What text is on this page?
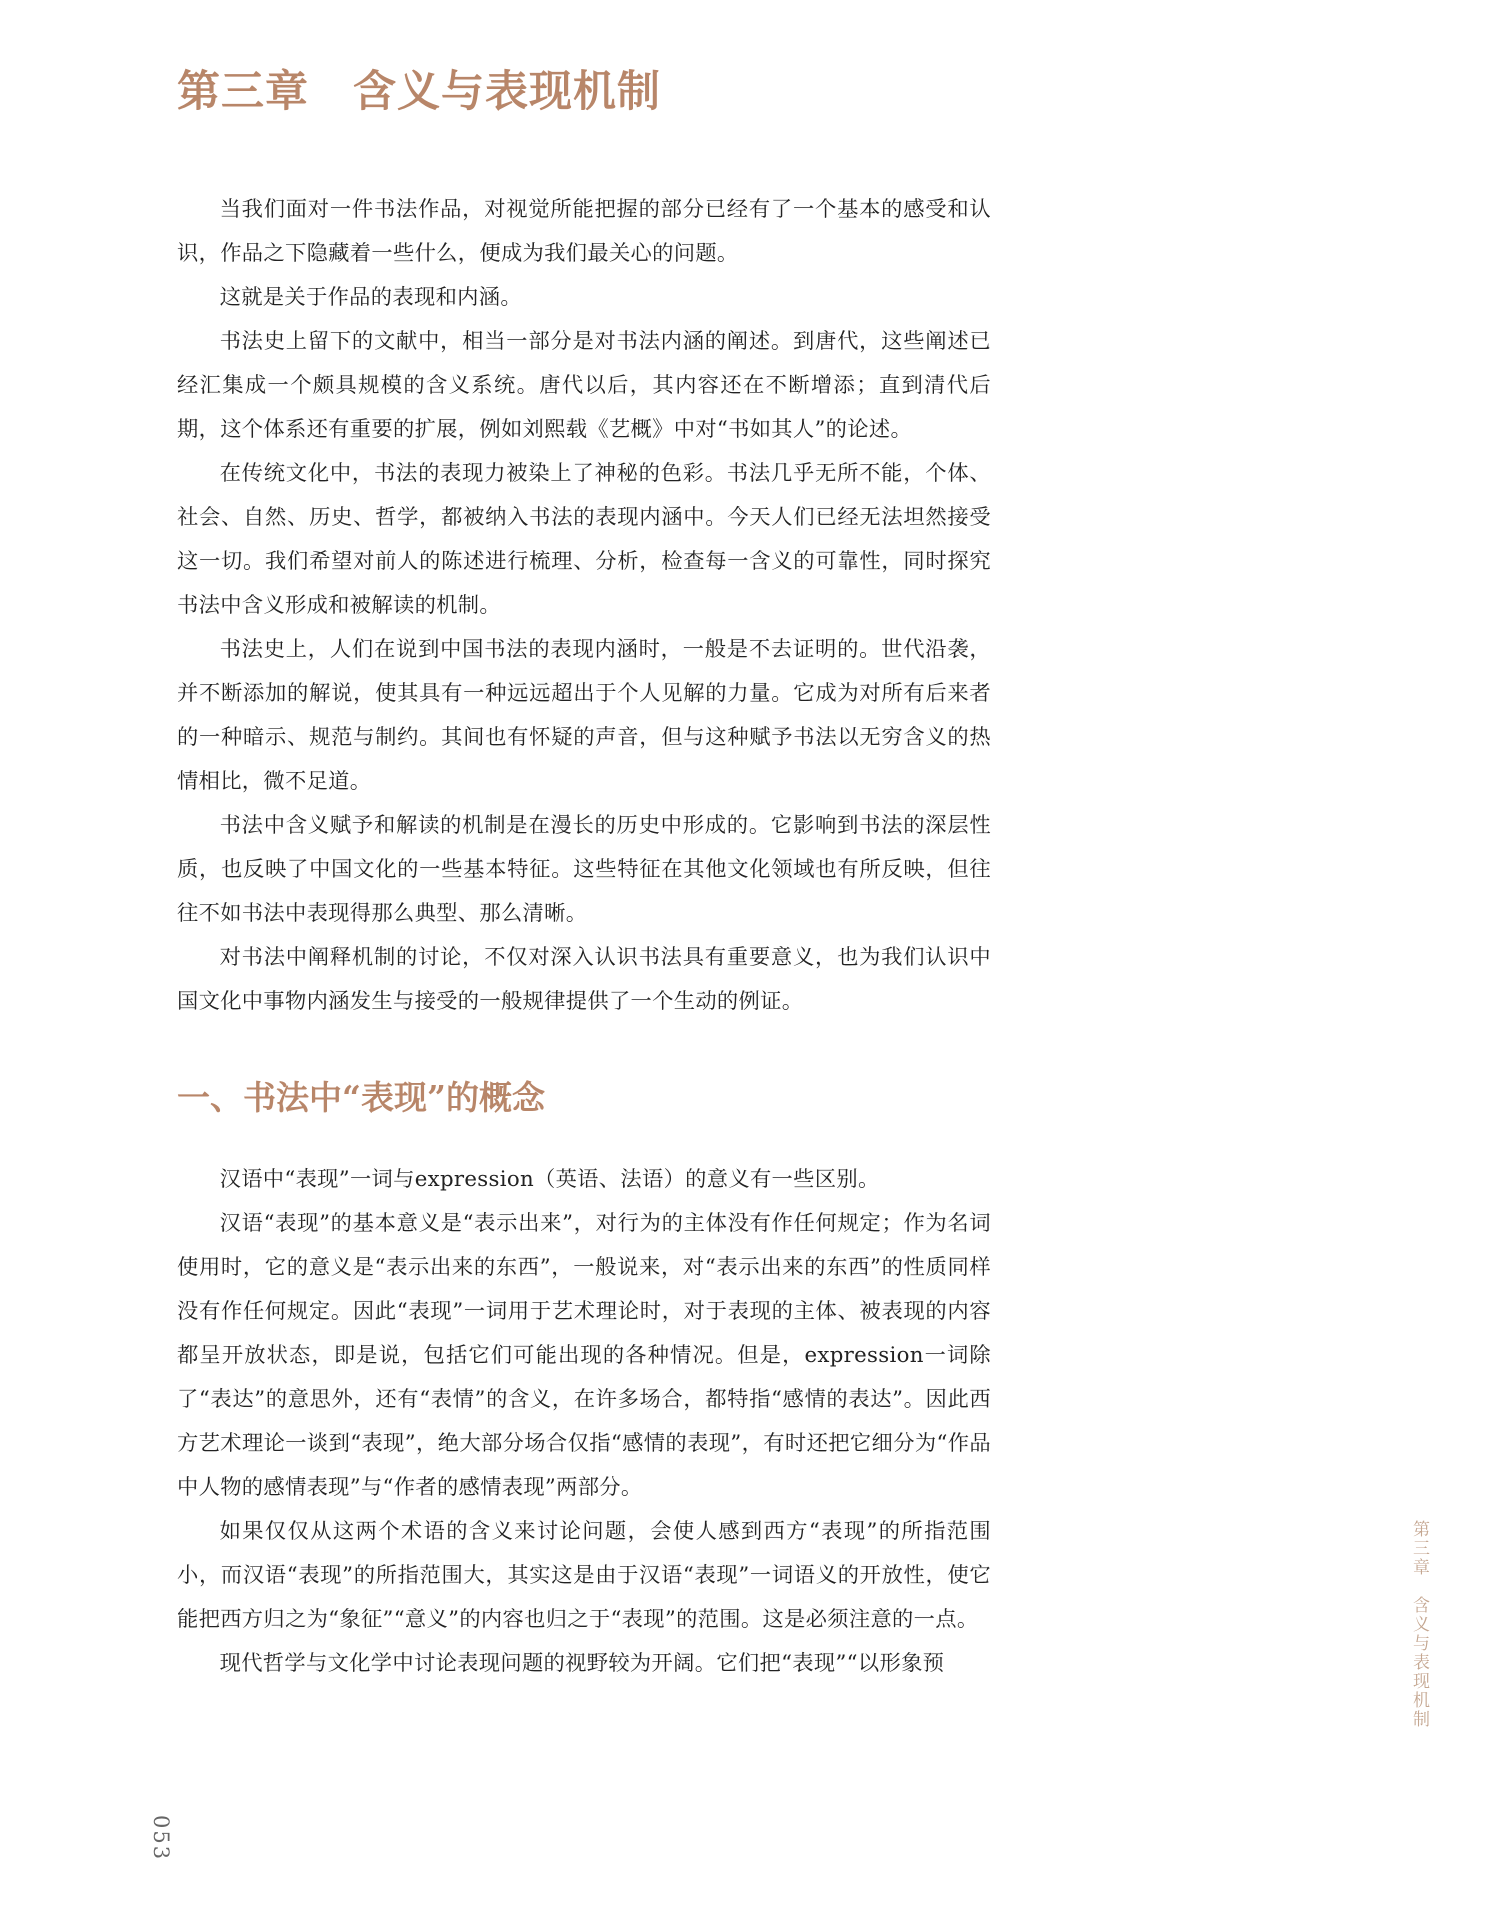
第三章　含义与表现机制

当我们面对一件书法作品，对视觉所能把握的部分已经有了一个基本的感受和认识，作品之下隐藏着一些什么，便成为我们最关心的问题。

这就是关于作品的表现和内涵。

书法史上留下的文献中，相当一部分是对书法内涵的阐述。到唐代，这些阐述已经汇集成一个颇具规模的含义系统。唐代以后，其内容还在不断增添；直到清代后期，这个体系还有重要的扩展，例如刘熙载《艺概》中对“书如其人”的论述。

在传统文化中，书法的表现力被染上了神秘的色彩。书法几乎无所不能，个体、社会、自然、历史、哲学，都被纳入书法的表现内涵中。今天人们已经无法坦然接受这一切。我们希望对前人的陈述进行梳理、分析，检查每一含义的可靠性，同时探究书法中含义形成和被解读的机制。

书法史上，人们在说到中国书法的表现内涵时，一般是不去证明的。世代沿袭，并不断添加的解说，使其具有一种远远超出于个人见解的力量。它成为对所有后来者的一种暗示、规范与制约。其间也有怀疑的声音，但与这种赋予书法以无穷含义的热情相比，微不足道。

书法中含义赋予和解读的机制是在漫长的历史中形成的。它影响到书法的深层性质，也反映了中国文化的一些基本特征。这些特征在其他文化领域也有所反映，但往往不如书法中表现得那么典型、那么清晰。

对书法中阐释机制的讨论，不仅对深入认识书法具有重要意义，也为我们认识中国文化中事物内涵发生与接受的一般规律提供了一个生动的例证。

一、书法中“表现”的概念

汉语中“表现”一词与expression（英语、法语）的意义有一些区别。

汉语“表现”的基本意义是“表示出来”，对行为的主体没有作任何规定；作为名词使用时，它的意义是“表示出来的东西”，一般说来，对“表示出来的东西”的性质同样没有作任何规定。因此“表现”一词用于艺术理论时，对于表现的主体、被表现的内容都呈开放状态，即是说，包括它们可能出现的各种情况。但是，expression一词除了“表达”的意思外，还有“表情”的含义，在许多场合，都特指“感情的表达”。因此西方艺术理论一谈到“表现”，绝大部分场合仅指“感情的表现”，有时还把它细分为“作品中人物的感情表现”与“作者的感情表现”两部分。

如果仅仅从这两个术语的含义来讨论问题，会使人感到西方“表现”的所指范围小，而汉语“表现”的所指范围大，其实这是由于汉语“表现”一词语义的开放性，使它能把西方归之为“象征”“意义”的内容也归之于“表现”的范围。这是必须注意的一点。

现代哲学与文化学中讨论表现问题的视野较为开阔。它们把“表现”“以形象预	第三章　含义与表现机制
053
